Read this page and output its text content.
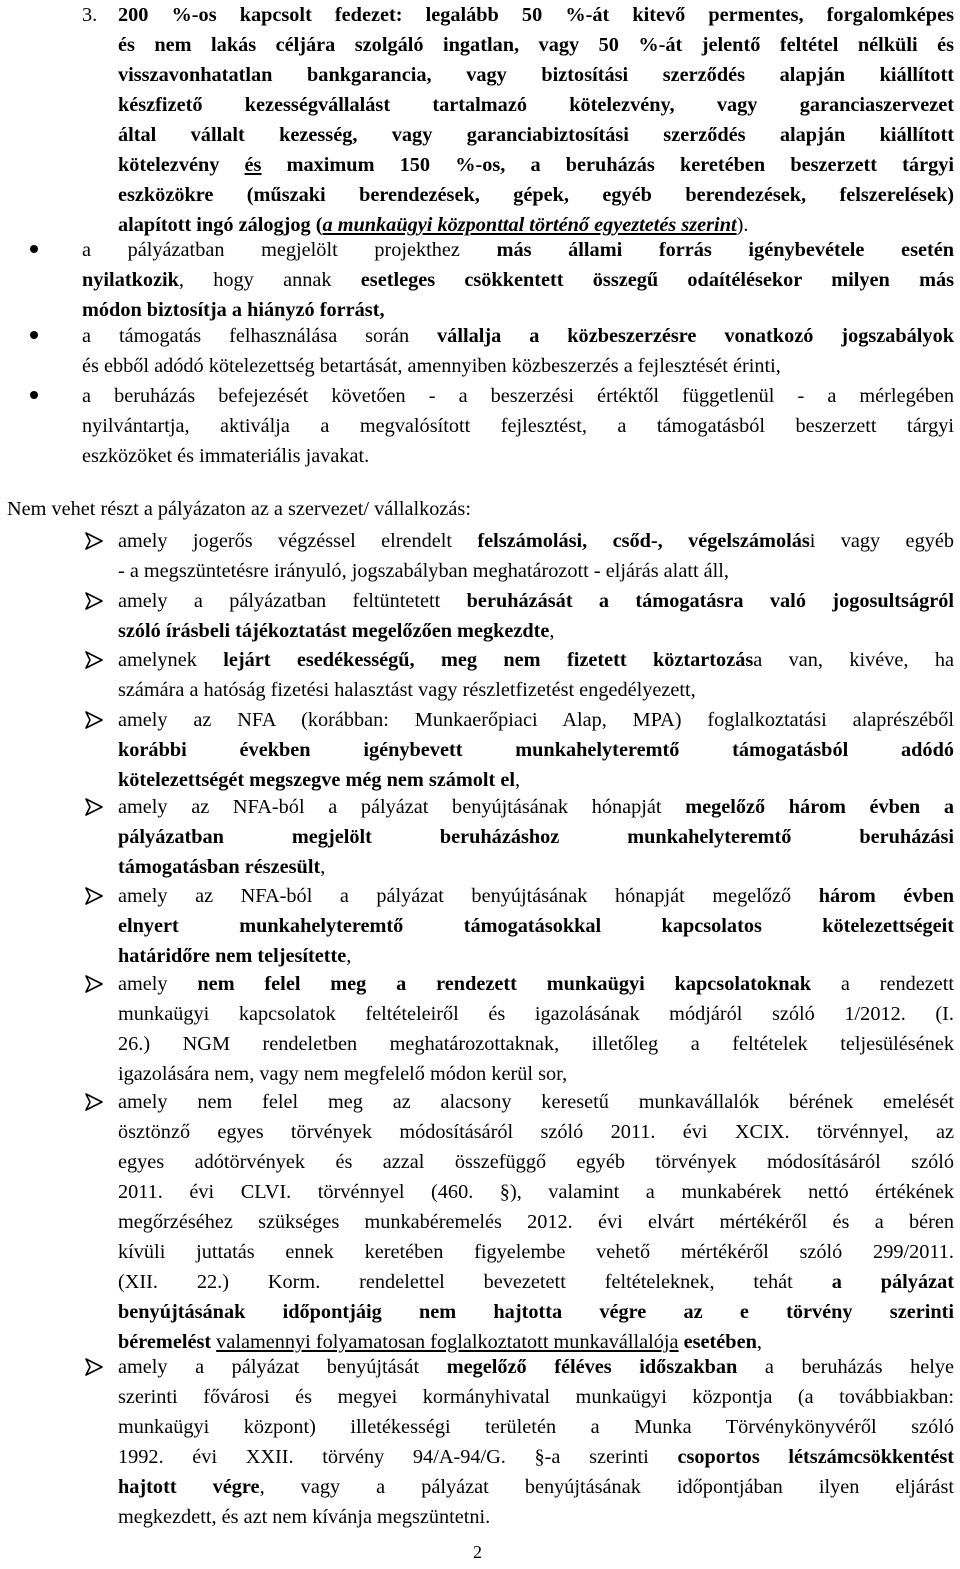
3. 200 %-os kapcsolt fedezet: legalább 50 %-át kitevő permentes, forgalomképes
és nem lakás céljára szolgáló ingatlan, vagy 50 %-át jelentő feltétel nélküli és
visszavonhatatlan bankgarancia, vagy biztosítási szerződés alapján kiállított
készfizető kezességvállalást tartalmazó kötelezvény, vagy garanciaszervezet
által vállalt kezesség, vagy garanciabiztosítási szerződés alapján kiállított
kötelezvény és maximum 150 %-os, a beruházás keretében beszerzett tárgyi
eszközökre (műszaki berendezések, gépek, egyéb berendezések, felszerelések)
alapított ingó zálogjog (a munkaügyi központtal történő egyeztetés szerint).
a pályázatban megjelölt projekthez más állami forrás igénybevétele esetén
nyilatkozik, hogy annak esetleges csökkentett összegű odaítélésekor milyen más
módon biztosítja a hiányzó forrást,
a támogatás felhasználása során vállalja a közbeszerzésre vonatkozó jogszabályok
és ebből adódó kötelezettség betartását, amennyiben közbeszerzés a fejlesztését érinti,
a beruházás befejezését követően - a beszerzési értéktől függetlenül - a mérlegében
nyilvántartja, aktiválja a megvalósított fejlesztést, a támogatásból beszerzett tárgyi
eszközöket és immateriális javakat.
Nem vehet részt a pályázaton az a szervezet/ vállalkozás:
amely jogerős végzéssel elrendelt felszámolási, csőd-, végelszámolási vagy egyéb
- a megszüntetésre irányuló, jogszabályban meghatározott - eljárás alatt áll,
amely a pályázatban feltüntetett beruházását a támogatásra való jogosultságról
szóló írásbeli tájékoztatást megelőzően megkezdte,
amelynek lejárt esedékességű, meg nem fizetett köztartozása van, kivéve, ha
számára a hatóság fizetési halasztást vagy részletfizetést engedélyezett,
amely az NFA (korábban: Munkaerőpiaci Alap, MPA) foglalkoztatási alaprészéből
korábbi években igénybevett munkahelyteremtő támogatásból adódó
kötelezettségét megszegve még nem számolt el,
amely az NFA-ból a pályázat benyújtásának hónapját megelőző három évben a
pályázatban megjelölt beruházáshoz munkahelyteremtő beruházási
támogatásban részesült,
amely az NFA-ból a pályázat benyújtásának hónapját megelőző három évben
elnyert munkahelyteremtő támogatásokkal kapcsolatos kötelezettségeit
határidőre nem teljesítette,
amely nem felel meg a rendezett munkaügyi kapcsolatoknak a rendezett
munkaügyi kapcsolatok feltételeiről és igazolásának módjáról szóló 1/2012. (I.
26.) NGM rendeletben meghatározottaknak, illetőleg a feltételek teljesülésének
igazolására nem, vagy nem megfelelő módon kerül sor,
amely nem felel meg az alacsony keresetű munkavállalók bérének emelését
ösztönző egyes törvények módosításáról szóló 2011. évi XCIX. törvénnyel, az
egyes adótörvények és azzal összefüggő egyéb törvények módosításáról szóló
2011. évi CLVI. törvénnyel (460. §), valamint a munkabérek nettó értékének
megőrzéséhez szükséges munkabéremelés 2012. évi elvárt mértékéről és a béren
kívüli juttatás ennek keretében figyelembe vehető mértékéről szóló 299/2011.
(XII. 22.) Korm. rendelettel bevezetett feltételeknek, tehát a pályázat
benyújtásának időpontjáig nem hajtotta végre az e törvény szerinti
béremelést valamennyi folyamatosan foglalkoztatott munkavállalója esetében,
amely a pályázat benyújtását megelőző féléves időszakban a beruházás helye
szerinti fővárosi és megyei kormányhivatal munkaügyi központja (a továbbiakban:
munkaügyi központ) illetékességi területén a Munka Törvénykönyvéről szóló
1992. évi XXII. törvény 94/A-94/G. §-a szerinti csoportos létszámcsökkentést
hajtott végre, vagy a pályázat benyújtásának időpontjában ilyen eljárást
megkezdett, és azt nem kívánja megszüntetni.
2
